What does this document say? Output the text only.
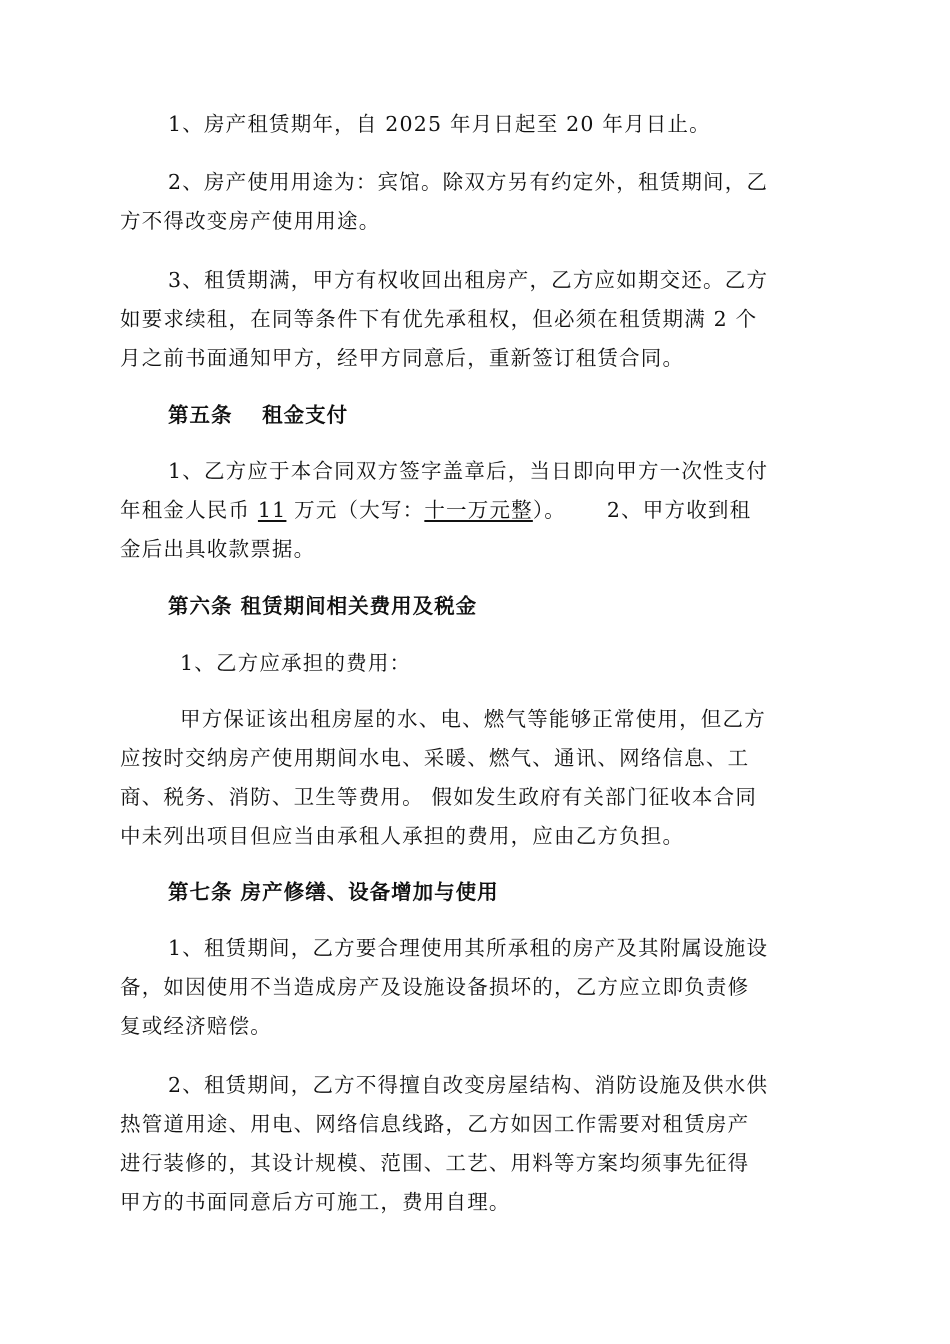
1、房产租赁期年，自 2025 年月日起至 20 年月日止。
2、房产使用用途为：宾馆。除双方另有约定外，租赁期间，乙
方不得改变房产使用用途。
3、租赁期满，甲方有权收回出租房产，乙方应如期交还。乙方
如要求续租，在同等条件下有优先承租权，但必须在租赁期满 2 个
月之前书面通知甲方，经甲方同意后，重新签订租赁合同。
第五条　 租金支付
1、乙方应于本合同双方签字盖章后，当日即向甲方一次性支付
年租金人民币 11 万元（大写：十一万元整）。　　 2、甲方收到租
金后出具收款票据。
第六条 租赁期间相关费用及税金
1、乙方应承担的费用：
甲方保证该出租房屋的水、电、燃气等能够正常使用，但乙方
应按时交纳房产使用期间水电、采暖、燃气、通讯、网络信息、工
商、税务、消防、卫生等费用。 假如发生政府有关部门征收本合同
中未列出项目但应当由承租人承担的费用，应由乙方负担。
第七条 房产修缮、设备增加与使用
1、租赁期间，乙方要合理使用其所承租的房产及其附属设施设
备，如因使用不当造成房产及设施设备损坏的，乙方应立即负责修
复或经济赔偿。
2、租赁期间，乙方不得擅自改变房屋结构、消防设施及供水供
热管道用途、用电、网络信息线路，乙方如因工作需要对租赁房产
进行装修的，其设计规模、范围、工艺、用料等方案均须事先征得
甲方的书面同意后方可施工，费用自理。
